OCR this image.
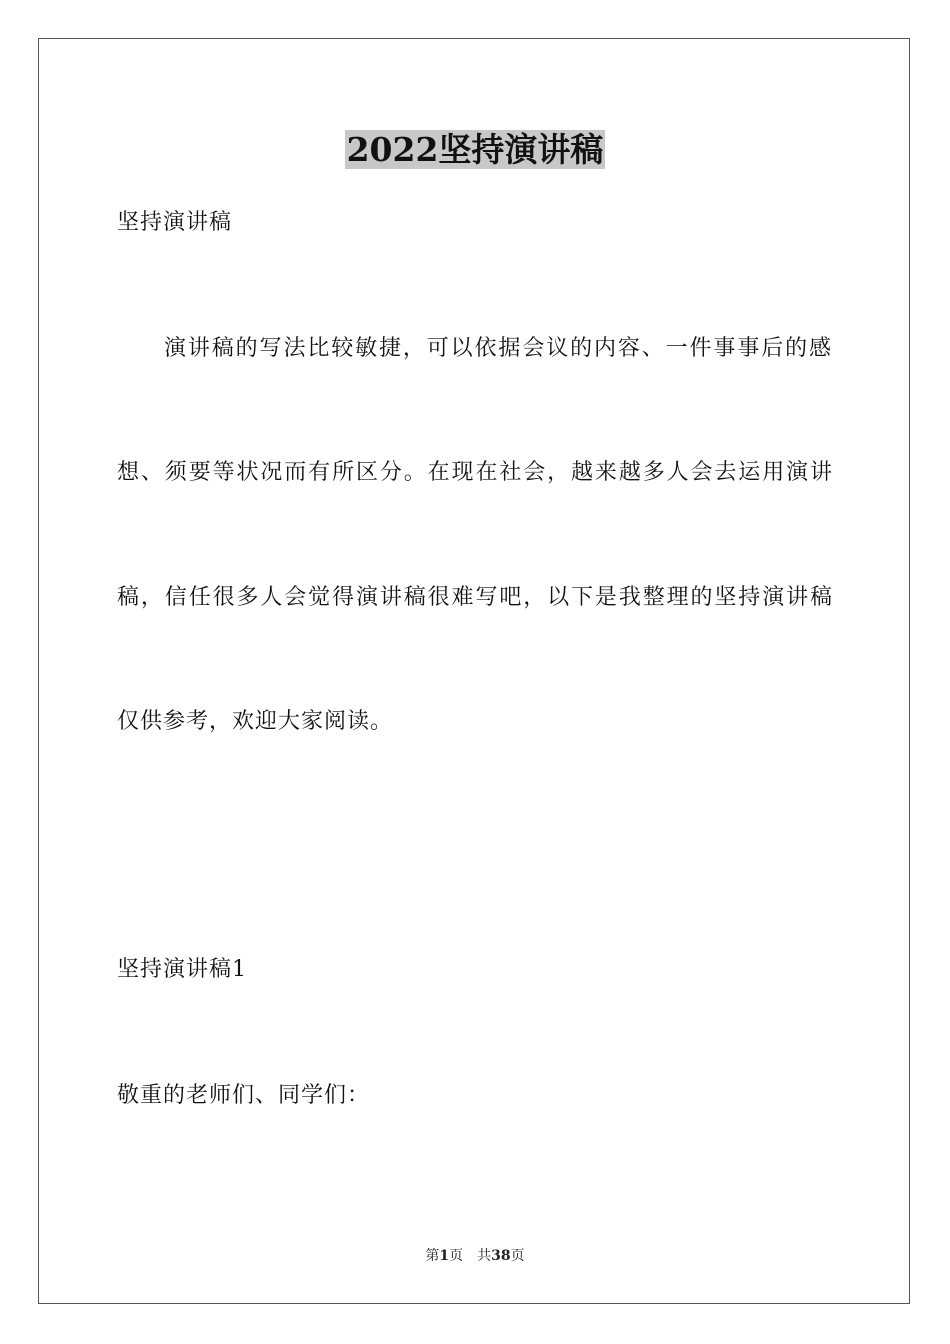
2022坚持演讲稿
坚持演讲稿
演讲稿的写法比较敏捷，可以依据会议的内容、一件事事后的感
想、须要等状况而有所区分。在现在社会，越来越多人会去运用演讲
稿，信任很多人会觉得演讲稿很难写吧，以下是我整理的坚持演讲稿
仅供参考，欢迎大家阅读。
坚持演讲稿1
敬重的老师们、同学们：
第1页 共38页
